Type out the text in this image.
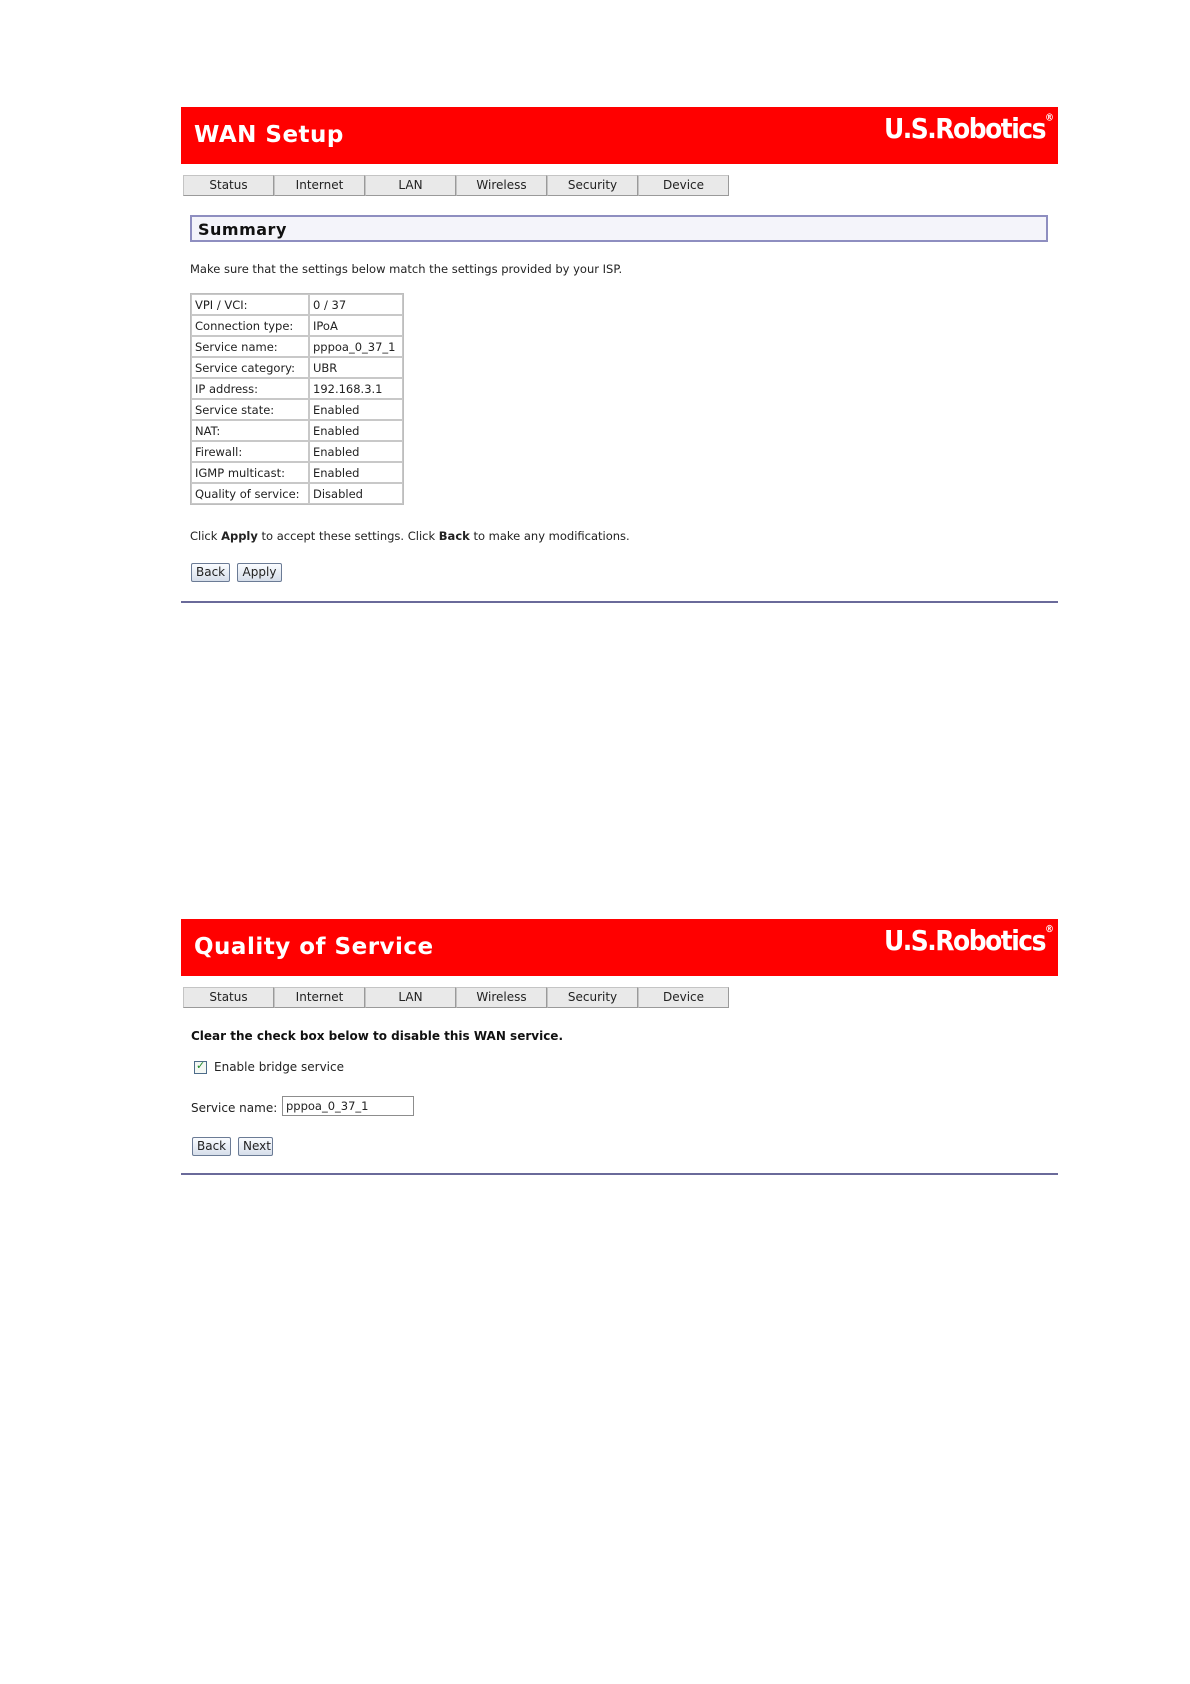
WAN Setup	U.S.Robotics®
Status	Internet	LAN	Wireless	Security	Device
Summary
Make sure that the settings below match the settings provided by your ISP.
VPI / VCI:	0 / 37
Connection type:	IPoA
Service name:	pppoa_0_37_1
Service category:	UBR
IP address:	192.168.3.1
Service state:	Enabled
NAT:	Enabled
Firewall:	Enabled
IGMP multicast:	Enabled
Quality of service:	Disabled
Click Apply to accept these settings. Click Back to make any modifications.
Back	Apply
Quality of Service	U.S.Robotics®
Status	Internet	LAN	Wireless	Security	Device
Clear the check box below to disable this WAN service.
✓ Enable bridge service
Service name:
pppoa_0_37_1
Back	Next
